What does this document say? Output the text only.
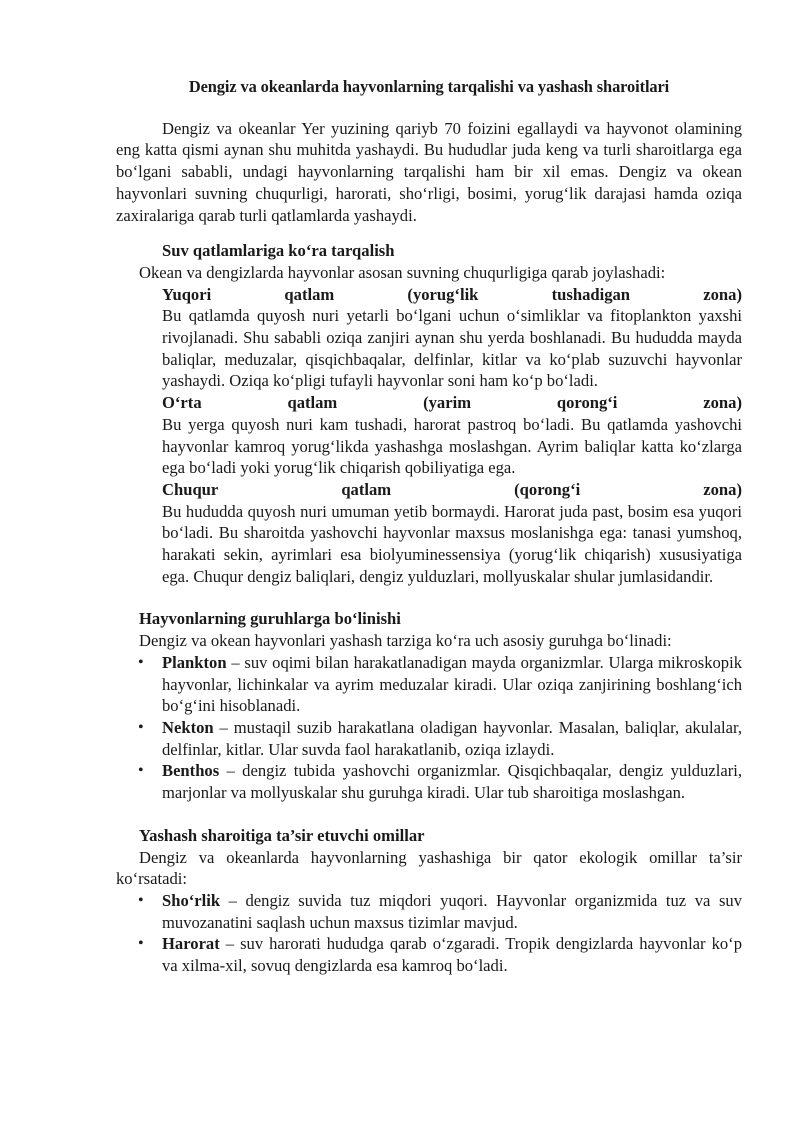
Dengiz va okeanlarda hayvonlarning tarqalishi va yashash sharoitlari

Dengiz va okeanlar Yer yuzining qariyb 70 foizini egallaydi va hayvonot olamining eng katta qismi aynan shu muhitda yashaydi. Bu hududlar juda keng va turli sharoitlarga ega bo‘lgani sababli, undagi hayvonlarning tarqalishi ham bir xil emas. Dengiz va okean hayvonlari suvning chuqurligi, harorati, sho‘rligi, bosimi, yorug‘lik darajasi hamda oziqa zaxiralariga qarab turli qatlamlarda yashaydi.

Suv qatlamlariga ko‘ra tarqalish
Okean va dengizlarda hayvonlar asosan suvning chuqurligiga qarab joylashadi:
Yuqori	qatlam	(yorug‘lik	tushadigan	zona)

Bu qatlamda quyosh nuri yetarli bo‘lgani uchun o‘simliklar va fitoplankton yaxshi rivojlanadi. Shu sababli oziqa zanjiri aynan shu yerda boshlanadi. Bu hududda mayda baliqlar, meduzalar, qisqichbaqalar, delfinlar, kitlar va ko‘plab suzuvchi hayvonlar yashaydi. Oziqa ko‘pligi tufayli hayvonlar soni ham ko‘p bo‘ladi.

O‘rta	qatlam	(yarim	qorong‘i	zona)

Bu yerga quyosh nuri kam tushadi, harorat pastroq bo‘ladi. Bu qatlamda yashovchi hayvonlar kamroq yorug‘likda yashashga moslashgan. Ayrim baliqlar katta ko‘zlarga ega bo‘ladi yoki yorug‘lik chiqarish qobiliyatiga ega.

Chuqur	qatlam	(qorong‘i	zona)

Bu hududda quyosh nuri umuman yetib bormaydi. Harorat juda past, bosim esa yuqori bo‘ladi. Bu sharoitda yashovchi hayvonlar maxsus moslanishga ega: tanasi yumshoq, harakati sekin, ayrimlari esa biolyuminessensiya (yorug‘lik chiqarish) xususiyatiga ega. Chuqur dengiz baliqlari, dengiz yulduzlari, mollyuskalar shular jumlasidandir.

Hayvonlarning guruhlarga bo‘linishi
Dengiz va okean hayvonlari yashash tarziga ko‘ra uch asosiy guruhga bo‘linadi:
• Plankton – suv oqimi bilan harakatlanadigan mayda organizmlar. Ularga mikroskopik hayvonlar, lichinkalar va ayrim meduzalar kiradi. Ular oziqa zanjirining boshlang‘ich bo‘g‘ini hisoblanadi.
• Nekton – mustaqil suzib harakatlana oladigan hayvonlar. Masalan, baliqlar, akulalar, delfinlar, kitlar. Ular suvda faol harakatlanib, oziqa izlaydi.
• Benthos – dengiz tubida yashovchi organizmlar. Qisqichbaqalar, dengiz yulduzlari, marjonlar va mollyuskalar shu guruhga kiradi. Ular tub sharoitiga moslashgan.
Yashash sharoitiga ta’sir etuvchi omillar

Dengiz va okeanlarda hayvonlarning yashashiga bir qator ekologik omillar ta’sir ko‘rsatadi:

• Sho‘rlik – dengiz suvida tuz miqdori yuqori. Hayvonlar organizmida tuz va suv muvozanatini saqlash uchun maxsus tizimlar mavjud.
• Harorat – suv harorati hududga qarab o‘zgaradi. Tropik dengizlarda hayvonlar ko‘p va xilma-xil, sovuq dengizlarda esa kamroq bo‘ladi.
